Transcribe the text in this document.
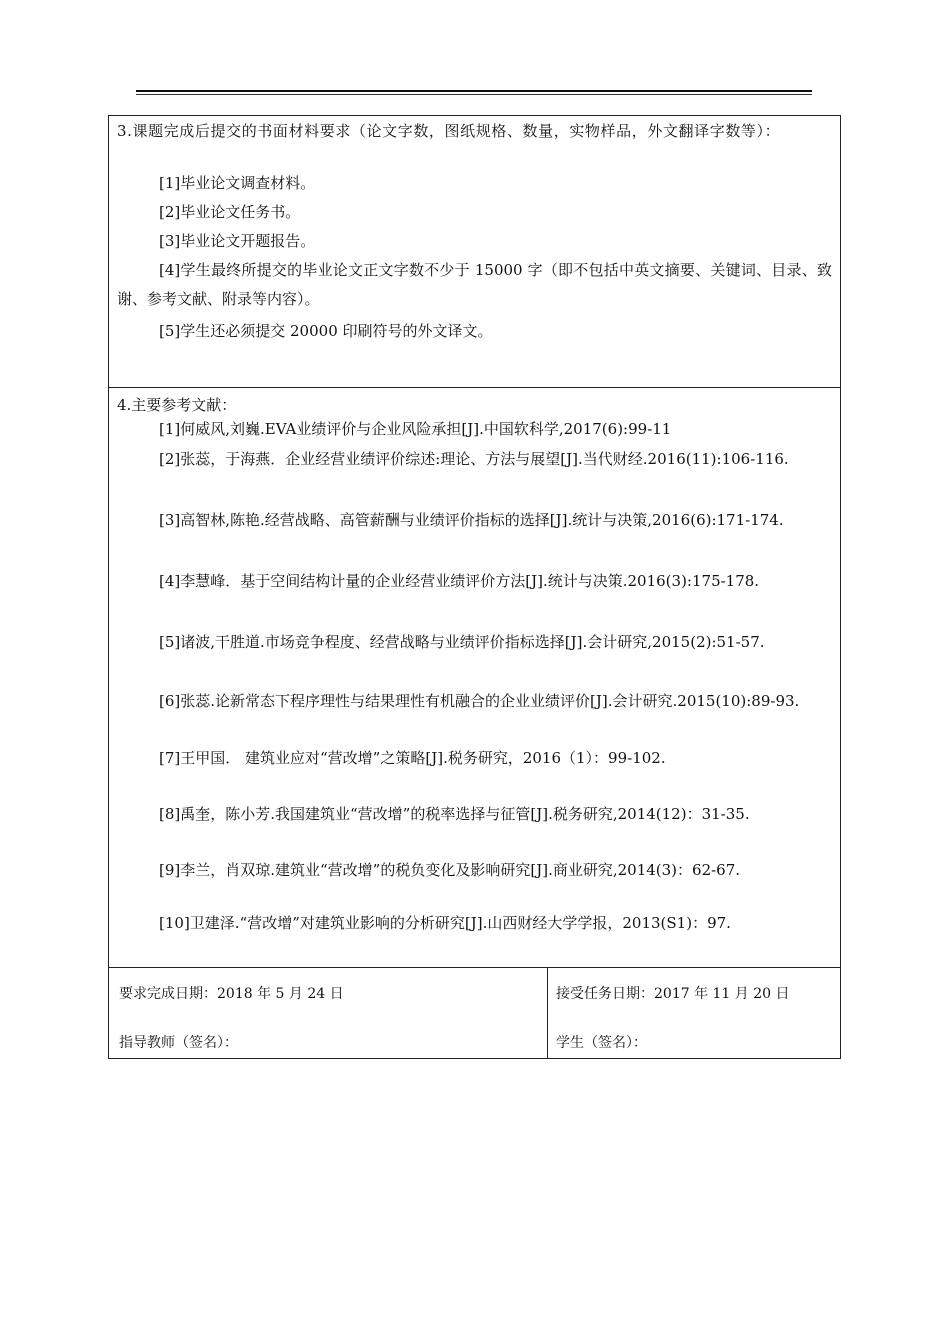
3.课题完成后提交的书面材料要求（论文字数，图纸规格、数量，实物样品，外文翻译字数等）：
[1]毕业论文调查材料。
[2]毕业论文任务书。
[3]毕业论文开题报告。
[4]学生最终所提交的毕业论文正文字数不少于 15000 字（即不包括中英文摘要、关键词、目录、致谢、参考文献、附录等内容）。
[5]学生还必须提交 20000 印刷符号的外文译文。
4.主要参考文献：
[1]何威风,刘巍.EVA业绩评价与企业风险承担[J].中国软科学,2017(6):99-11
[2]张蕊，于海燕．企业经营业绩评价综述:理论、方法与展望[J].当代财经.2016(11):106-116.
[3]高智林,陈艳.经营战略、高管薪酬与业绩评价指标的选择[J].统计与决策,2016(6):171-174.
[4]李慧峰．基于空间结构计量的企业经营业绩评价方法[J].统计与决策.2016(3):175-178.
[5]诸波,干胜道.市场竞争程度、经营战略与业绩评价指标选择[J].会计研究,2015(2):51-57.
[6]张蕊.论新常态下程序理性与结果理性有机融合的企业业绩评价[J].会计研究.2015(10):89-93.
[7]王甲国． 建筑业应对“营改增”之策略[J].税务研究，2016（1）：99-102.
[8]禹奎，陈小芳.我国建筑业“营改增”的税率选择与征管[J].税务研究,2014(12)：31-35.
[9]李兰，肖双琼.建筑业“营改增”的税负变化及影响研究[J].商业研究,2014(3)：62-67.
[10]卫建泽.“营改增”对建筑业影响的分析研究[J].山西财经大学学报，2013(S1)：97.
要求完成日期：2018 年 5 月 24 日	接受任务日期：2017 年 11 月 20 日
指导教师（签名）：	学生（签名）：
